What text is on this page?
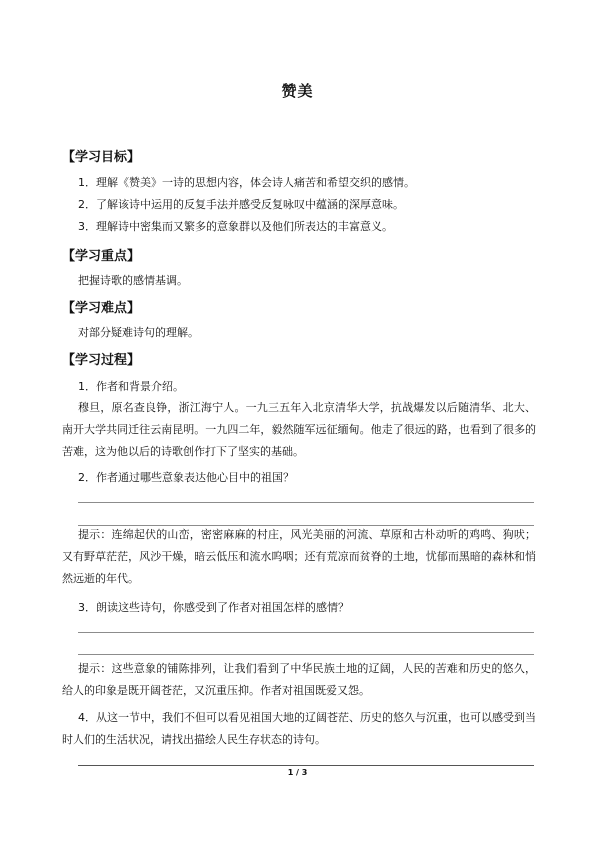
赞美
【学习目标】
1．理解《赞美》一诗的思想内容，体会诗人痛苦和希望交织的感情。
2．了解该诗中运用的反复手法并感受反复咏叹中蕴涵的深厚意味。
3．理解诗中密集而又繁多的意象群以及他们所表达的丰富意义。
【学习重点】
把握诗歌的感情基调。
【学习难点】
对部分疑难诗句的理解。
【学习过程】
1．作者和背景介绍。

穆旦，原名查良铮，浙江海宁人。一九三五年入北京清华大学，抗战爆发以后随清华、北大、南开大学共同迁往云南昆明。一九四二年，毅然随军远征缅甸。他走了很远的路，也看到了很多的苦难，这为他以后的诗歌创作打下了坚实的基础。

2．作者通过哪些意象表达他心目中的祖国？

提示：连绵起伏的山峦，密密麻麻的村庄，风光美丽的河流、草原和古朴动听的鸡鸣、狗吠；又有野草茫茫，风沙干燥，暗云低压和流水呜咽；还有荒凉而贫脊的土地，忧郁而黑暗的森林和悄然远逝的年代。

3．朗读这些诗句，你感受到了作者对祖国怎样的感情？

提示：这些意象的铺陈排列，让我们看到了中华民族土地的辽阔，人民的苦难和历史的悠久，给人的印象是既开阔苍茫，又沉重压抑。作者对祖国既爱又怨。

4．从这一节中，我们不但可以看见祖国大地的辽阔苍茫、历史的悠久与沉重，也可以感受到当时人们的生活状况，请找出描绘人民生存状态的诗句。

1 / 3
